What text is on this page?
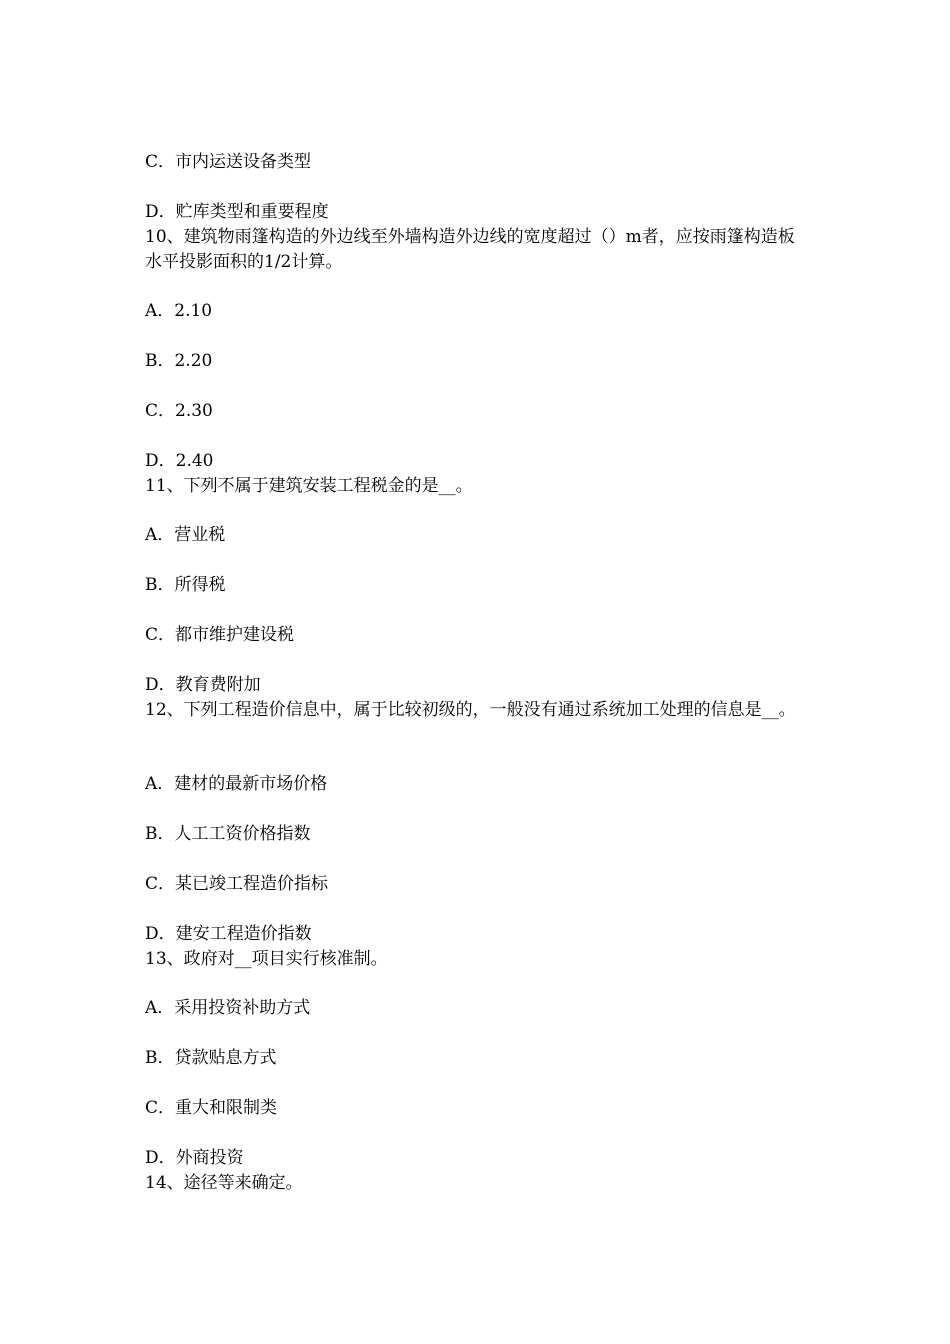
C．市内运送设备类型
D．贮库类型和重要程度
10、建筑物雨篷构造的外边线至外墙构造外边线的宽度超过（）m者，应按雨篷构造板水平投影面积的1/2计算。
A．2.10
B．2.20
C．2.30
D．2.40
11、下列不属于建筑安装工程税金的是__。
A．营业税
B．所得税
C．都市维护建设税
D．教育费附加
12、下列工程造价信息中，属于比较初级的，一般没有通过系统加工处理的信息是__。
A．建材的最新市场价格
B．人工工资价格指数
C．某已竣工程造价指标
D．建安工程造价指数
13、政府对__项目实行核准制。
A．采用投资补助方式
B．贷款贴息方式
C．重大和限制类
D．外商投资
14、途径等来确定。
